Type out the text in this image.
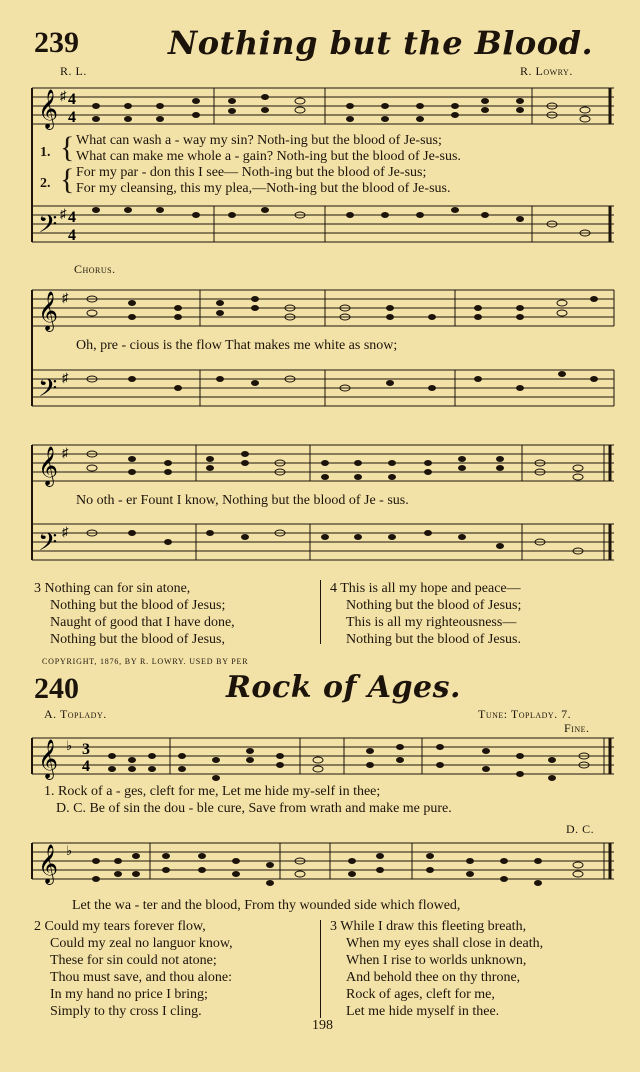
239	Nothing but the Blood.
R. L.	R. Lowry.
𝄞
𝄢
4
4
4
4
♯
♯
1.
2.
{
{
What can wash a - way my sin? Noth-ing but the blood of Je-sus;
What can make me whole a - gain? Noth-ing but the blood of Je-sus.
For my par - don this I see— Noth-ing but the blood of Je-sus;
For my cleansing, this my plea,—Noth-ing but the blood of Je-sus.
Chorus.
𝄞
𝄢
♯
♯
Oh, pre - cious is the flow That makes me white as snow;
𝄞
𝄢
♯
♯
No oth - er Fount I know, Nothing but the blood of Je - sus.
3 Nothing can for sin atone,
Nothing but the blood of Jesus;
Naught of good that I have done,
Nothing but the blood of Jesus,
4 This is all my hope and peace—
Nothing but the blood of Jesus;
This is all my righteousness—
Nothing but the blood of Jesus.
COPYRIGHT, 1876, BY R. LOWRY. USED BY PER
240	Rock of Ages.
A. Toplady.	Tune: Toplady. 7.
Fine.
𝄞 ♭ 3
4
1. Rock of a - ges, cleft for me, Let me hide my-self in thee;
D. C. Be of sin the dou - ble cure, Save from wrath and make me pure.
D. C.
𝄞 ♭
Let the wa - ter and the blood, From thy wounded side which flowed,
2 Could my tears forever flow,
Could my zeal no languor know,
These for sin could not atone;
Thou must save, and thou alone:
In my hand no price I bring;
Simply to thy cross I cling.
3 While I draw this fleeting breath,
When my eyes shall close in death,
When I rise to worlds unknown,
And behold thee on thy throne,
Rock of ages, cleft for me,
Let me hide myself in thee.
198
